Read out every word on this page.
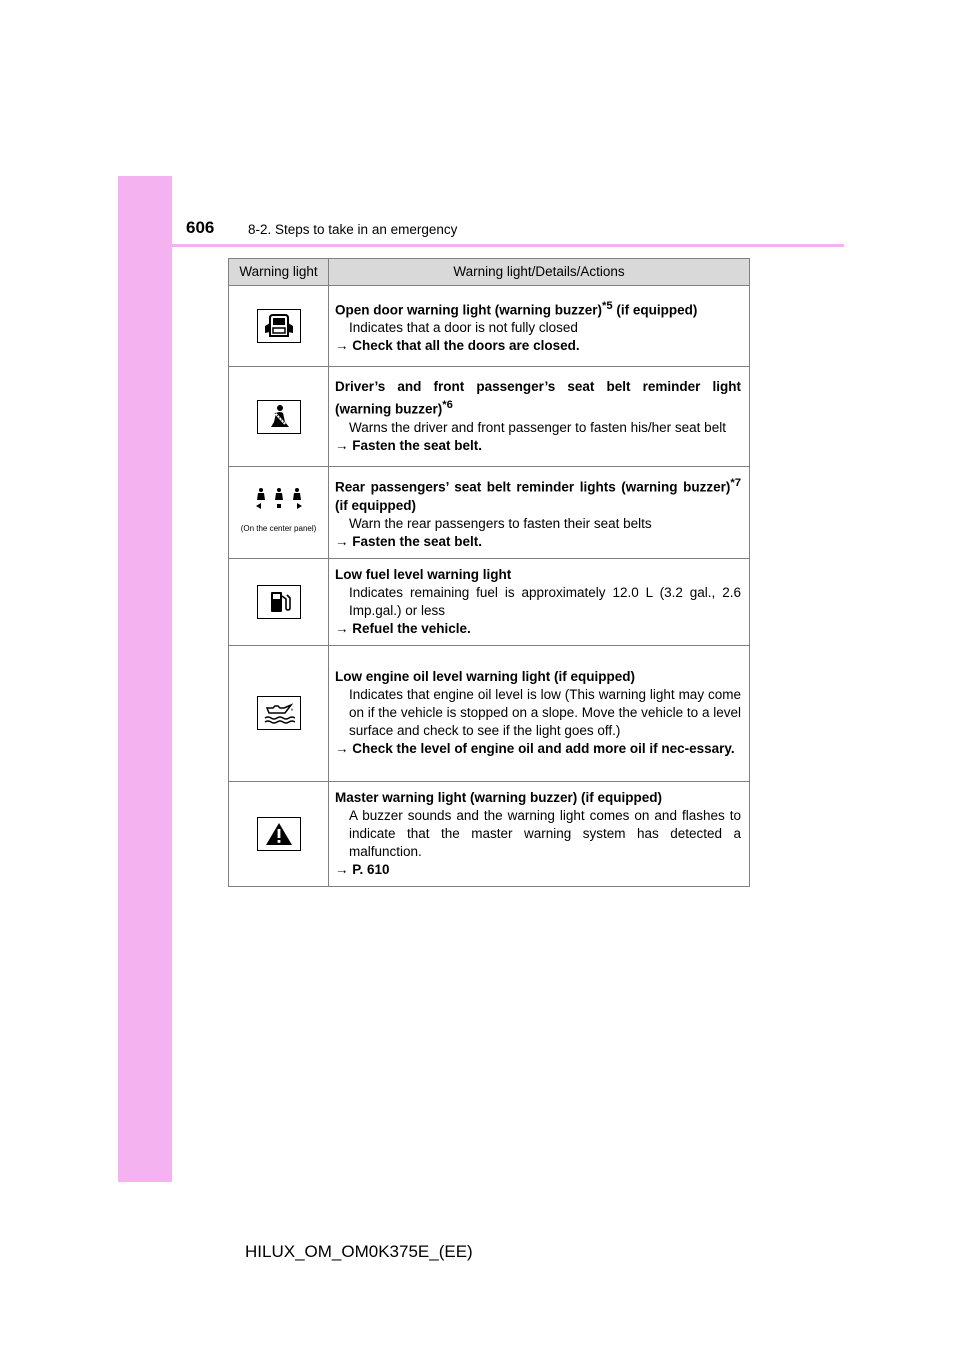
606 8-2. Steps to take in an emergency
Warning light	Warning light/Details/Actions

Open door warning light (warning buzzer)$^{*5}$ (if equipped)
Indicates that a door is not fully closed
→ Check that all the doors are closed.

Driver’s and front passenger’s seat belt reminder light (warning buzzer)$^{*6}$
Warns the driver and front passenger to fasten his/her seat belt
→ Fasten the seat belt.

(On the center panel)	Rear passengers’ seat belt reminder lights (warning buzzer)$^{*7}$ (if equipped)
Warn the rear passengers to fasten their seat belts
→ Fasten the seat belt.

Low fuel level warning light
Indicates remaining fuel is approximately 12.0 L (3.2 gal., 2.6 Imp.gal.) or less
→ Refuel the vehicle.

Low engine oil level warning light (if equipped)
Indicates that engine oil level is low (This warning light may come on if the vehicle is stopped on a slope. Move the vehicle to a level surface and check to see if the light goes off.)
→ Check the level of engine oil and add more oil if nec-essary.

Master warning light (warning buzzer) (if equipped)
A buzzer sounds and the warning light comes on and flashes to indicate that the master warning system has detected a malfunction.
→ P. 610
HILUX_OM_OM0K375E_(EE)
